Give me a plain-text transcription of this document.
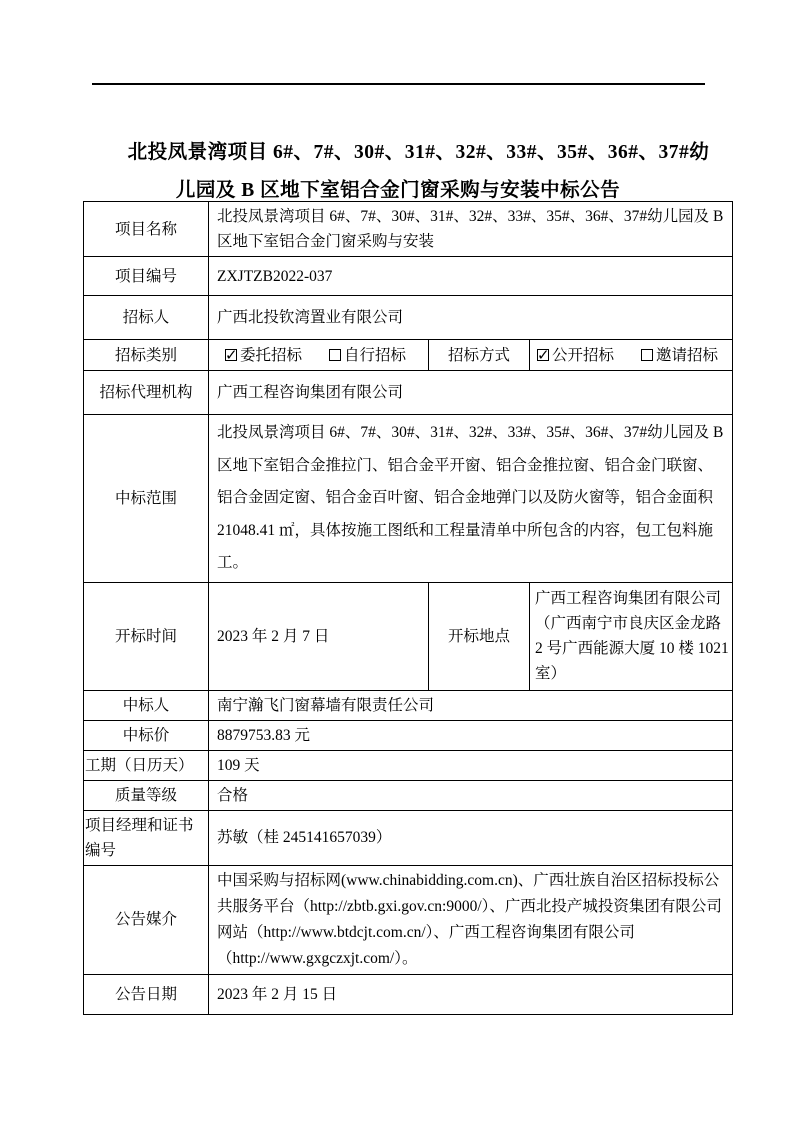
北投凤景湾项目 6#、7#、30#、31#、32#、33#、35#、36#、37#幼儿园及 B 区地下室铝合金门窗采购与安装中标公告
项目名称	北投凤景湾项目 6#、7#、30#、31#、32#、33#、35#、36#、37#幼儿园及 B 区地下室铝合金门窗采购与安装		
项目编号	ZXJTZB2022-037		
招标人	广西北投钦湾置业有限公司		
招标类别	✓委托招标 自行招标	招标方式	✓公开招标 邀请招标
招标代理机构	广西工程咨询集团有限公司		
中标范围	北投凤景湾项目 6#、7#、30#、31#、32#、33#、35#、36#、37#幼儿园及 B 区地下室铝合金推拉门、铝合金平开窗、铝合金推拉窗、铝合金门联窗、铝合金固定窗、铝合金百叶窗、铝合金地弹门以及防火窗等，铝合金面积 21048.41 ㎡，具体按施工图纸和工程量清单中所包含的内容，包工包料施工。		
开标时间	2023 年 2 月 7 日	开标地点	广西工程咨询集团有限公司（广西南宁市良庆区金龙路 2 号广西能源大厦 10 楼 1021 室）
中标人	南宁瀚飞门窗幕墙有限责任公司		
中标价	8879753.83 元		
工期（日历天）	109 天		
质量等级	合格		
项目经理和证书编号	苏敏（桂 245141657039）		
公告媒介	中国采购与招标网(www.chinabidding.com.cn)、广西壮族自治区招标投标公共服务平台（http://zbtb.gxi.gov.cn:9000/）、广西北投产城投资集团有限公司网站（http://www.btdcjt.com.cn/）、广西工程咨询集团有限公司（http://www.gxgczxjt.com/）。		
公告日期	2023 年 2 月 15 日		
